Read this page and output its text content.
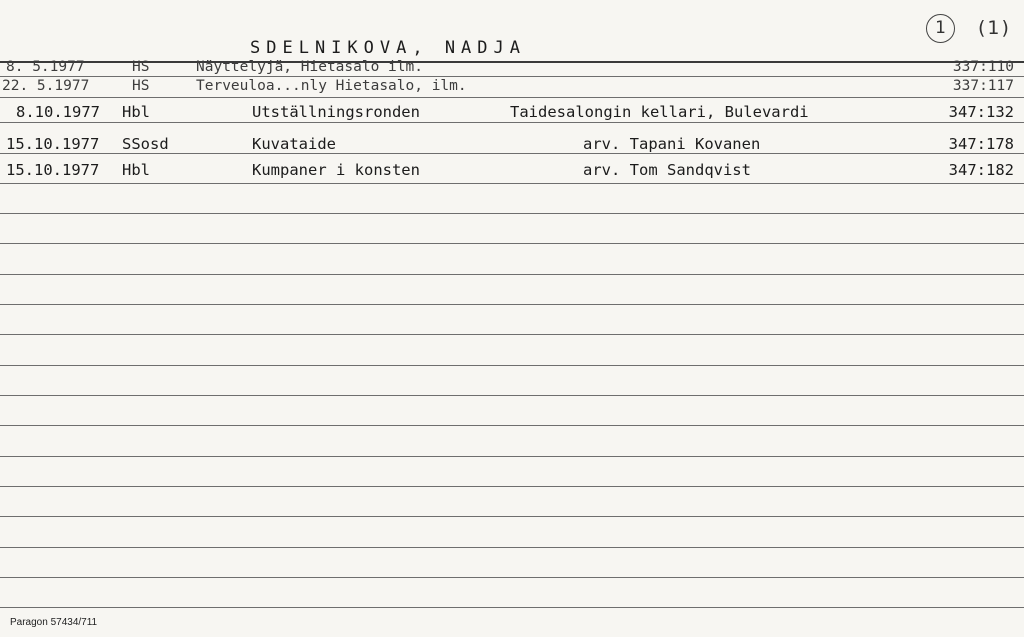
1	(1)
SDELNIKOVA, NADJA
8. 5.1977	HS	Näyttelyjä, Hietasalo ilm.	337:110
22. 5.1977	HS	Terveuloa...nly Hietasalo, ilm.	337:117
8.10.1977 Hbl	Utställningsronden	Taidesalongin kellari, Bulevardi	347:132
15.10.1977 SSosd	Kuvataide	arv. Tapani Kovanen	347:178
15.10.1977 Hbl	Kumpaner i konsten	arv. Tom Sandqvist	347:182
Paragon 57434/711
